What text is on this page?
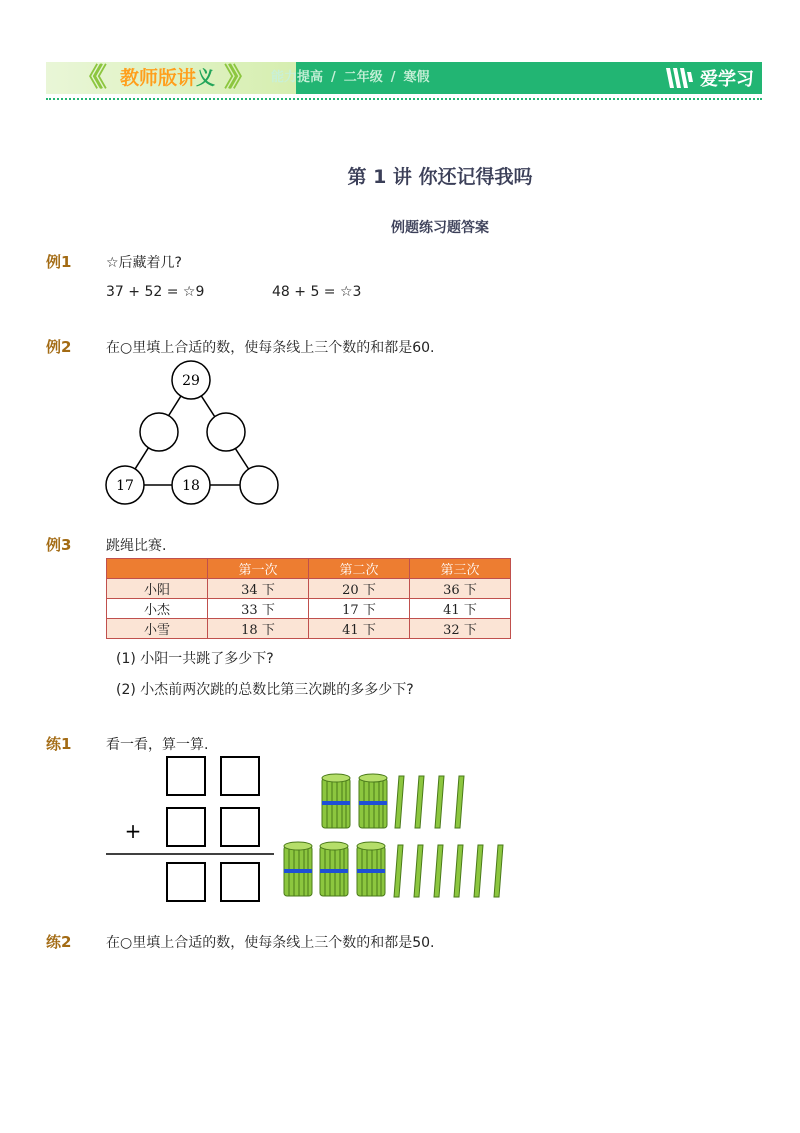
《《 教师版讲义 》》 能力提高 / 二年级 / 寒假	爱学习
第 1 讲 你还记得我吗
例题练习题答案
例1 ☆后藏着几?
37 + 52 = ☆9	48 + 5 = ☆3
例2 在○里填上合适的数，使每条线上三个数的和都是60.
29
17	18
例3 跳绳比赛.
	第一次	第二次	第三次
小阳	34 下	20 下	36 下
小杰	33 下	17 下	41 下
小雪	18 下	41 下	32 下
(1) 小阳一共跳了多少下?
(2) 小杰前两次跳的总数比第三次跳的多多少下?
练1 看一看，算一算.
+
练2 在○里填上合适的数，使每条线上三个数的和都是50.
